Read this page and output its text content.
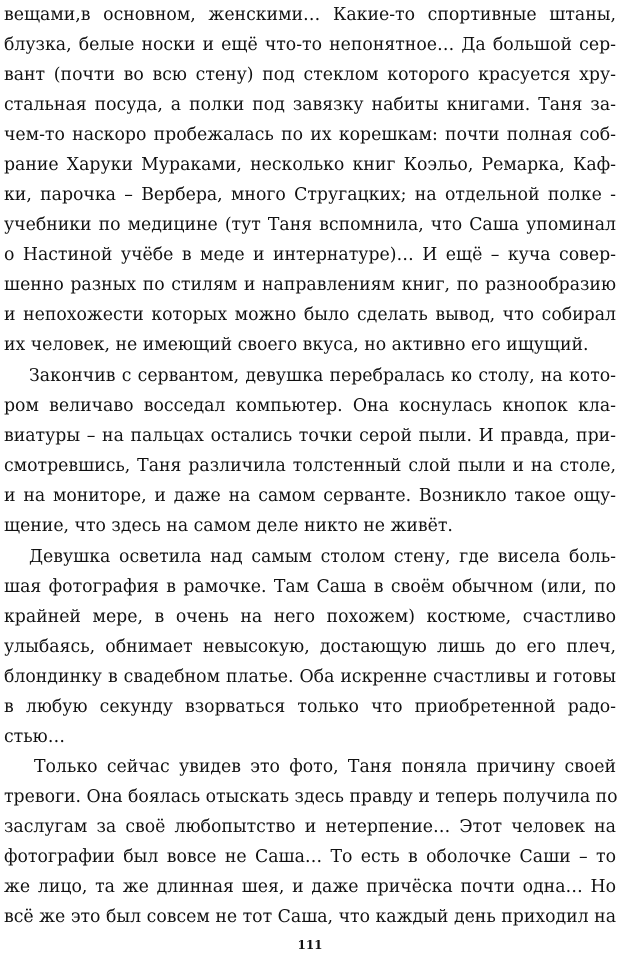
вещами,в основном, женскими… Какие-то спортивные штаны,
блузка, белые носки и ещё что-то непонятное… Да большой сер-
вант (почти во всю стену) под стеклом которого красуется хру-
стальная посуда, а полки под завязку набиты книгами. Таня за-
чем-то наскоро пробежалась по их корешкам: почти полная соб-
рание Харуки Мураками, несколько книг Коэльо, Ремарка, Каф-
ки, парочка – Вербера, много Стругацких; на отдельной полке -
учебники по медицине (тут Таня вспомнила, что Саша упоминал
о Настиной учёбе в меде и интернатуре)… И ещё – куча совер-
шенно разных по стилям и направлениям книг, по разнообразию
и непохожести которых можно было сделать вывод, что собирал
их человек, не имеющий своего вкуса, но активно его ищущий.
Закончив с сервантом, девушка перебралась ко столу, на кото-
ром величаво восседал компьютер. Она коснулась кнопок кла-
виатуры – на пальцах остались точки серой пыли. И правда, при-
смотревшись, Таня различила толстенный слой пыли и на столе,
и на мониторе, и даже на самом серванте. Возникло такое ощу-
щение, что здесь на самом деле никто не живёт.
Девушка осветила над самым столом стену, где висела боль-
шая фотография в рамочке. Там Саша в своём обычном (или, по
крайней мере, в очень на него похожем) костюме, счастливо
улыбаясь, обнимает невысокую, достающую лишь до его плеч,
блондинку в свадебном платье. Оба искренне счастливы и готовы
в любую секунду взорваться только что приобретенной радо-
стью…
Только сейчас увидев это фото, Таня поняла причину своей
тревоги. Она боялась отыскать здесь правду и теперь получила по
заслугам за своё любопытство и нетерпение… Этот человек на
фотографии был вовсе не Саша… То есть в оболочке Саши – то
же лицо, та же длинная шея, и даже причёска почти одна… Но
всё же это был совсем не тот Саша, что каждый день приходил на
111
